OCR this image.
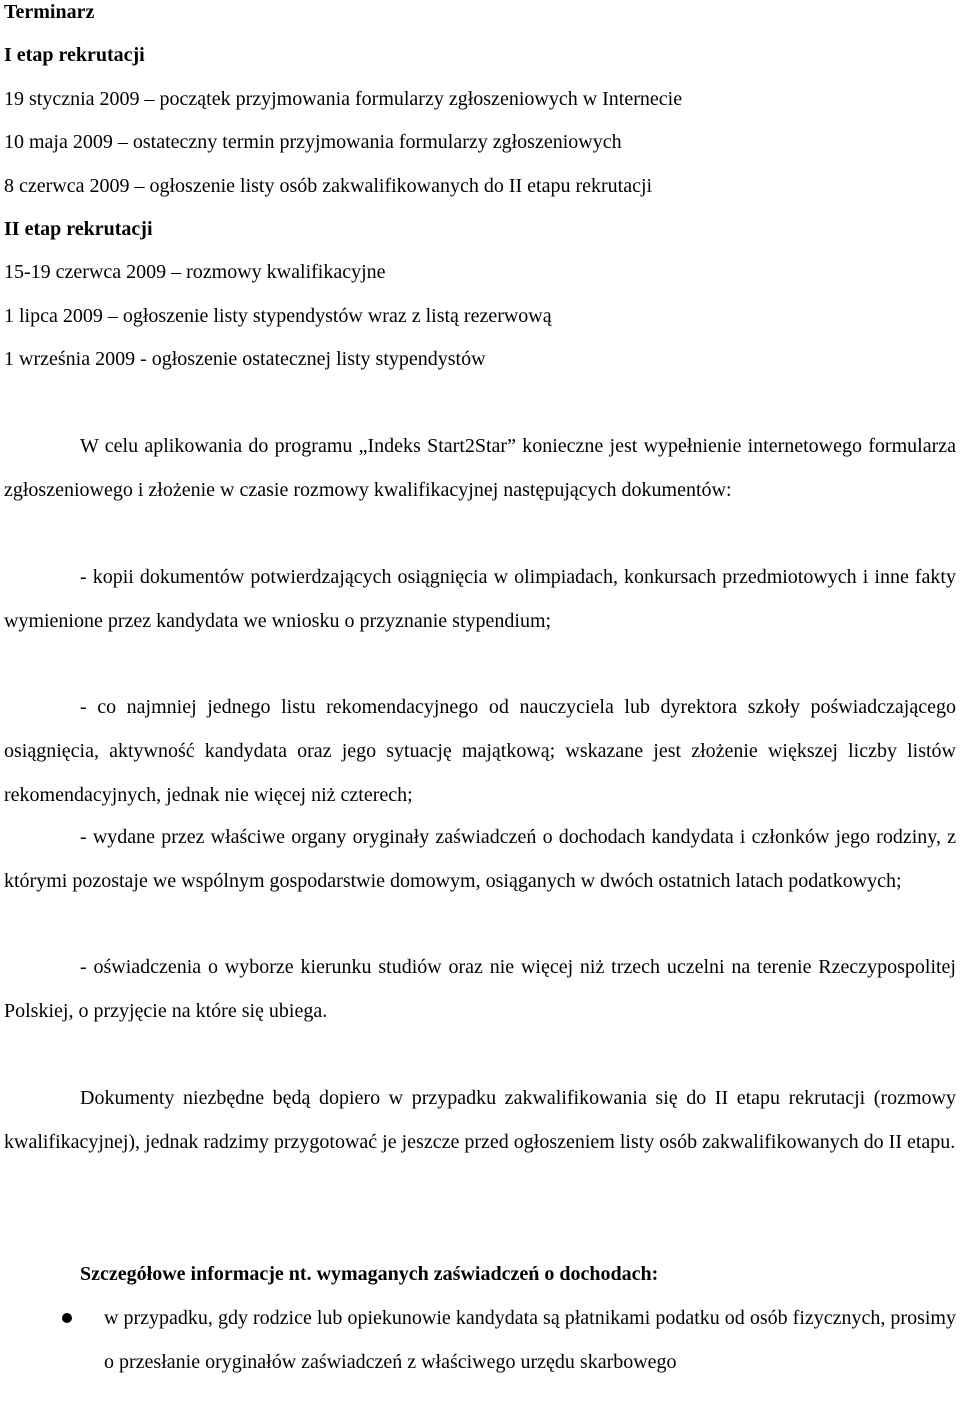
Terminarz
I etap rekrutacji
19 stycznia 2009 – początek przyjmowania formularzy zgłoszeniowych w Internecie
10 maja 2009 – ostateczny termin przyjmowania formularzy zgłoszeniowych
8 czerwca 2009 – ogłoszenie listy osób zakwalifikowanych do II etapu rekrutacji
II etap rekrutacji
15-19 czerwca 2009 – rozmowy kwalifikacyjne
1 lipca 2009 – ogłoszenie listy stypendystów wraz z listą rezerwową
1 września 2009 - ogłoszenie ostatecznej listy stypendystów

W celu aplikowania do programu „Indeks Start2Star” konieczne jest wypełnienie internetowego formularza zgłoszeniowego i złożenie w czasie rozmowy kwalifikacyjnej następujących dokumentów:

- kopii dokumentów potwierdzających osiągnięcia w olimpiadach, konkursach przedmiotowych i inne fakty wymienione przez kandydata we wniosku o przyznanie stypendium;

- co najmniej jednego listu rekomendacyjnego od nauczyciela lub dyrektora szkoły poświadczającego osiągnięcia, aktywność kandydata oraz jego sytuację majątkową; wskazane jest złożenie większej liczby listów rekomendacyjnych, jednak nie więcej niż czterech;

- wydane przez właściwe organy oryginały zaświadczeń o dochodach kandydata i członków jego rodziny, z którymi pozostaje we wspólnym gospodarstwie domowym, osiąganych w dwóch ostatnich latach podatkowych;

- oświadczenia o wyborze kierunku studiów oraz nie więcej niż trzech uczelni na terenie Rzeczypospolitej Polskiej, o przyjęcie na które się ubiega.

Dokumenty niezbędne będą dopiero w przypadku zakwalifikowania się do II etapu rekrutacji (rozmowy kwalifikacyjnej), jednak radzimy przygotować je jeszcze przed ogłoszeniem listy osób zakwalifikowanych do II etapu.

Szczegółowe informacje nt. wymaganych zaświadczeń o dochodach:

w przypadku, gdy rodzice lub opiekunowie kandydata są płatnikami podatku od osób fizycznych, prosimy o przesłanie oryginałów zaświadczeń z właściwego urzędu skarbowego
